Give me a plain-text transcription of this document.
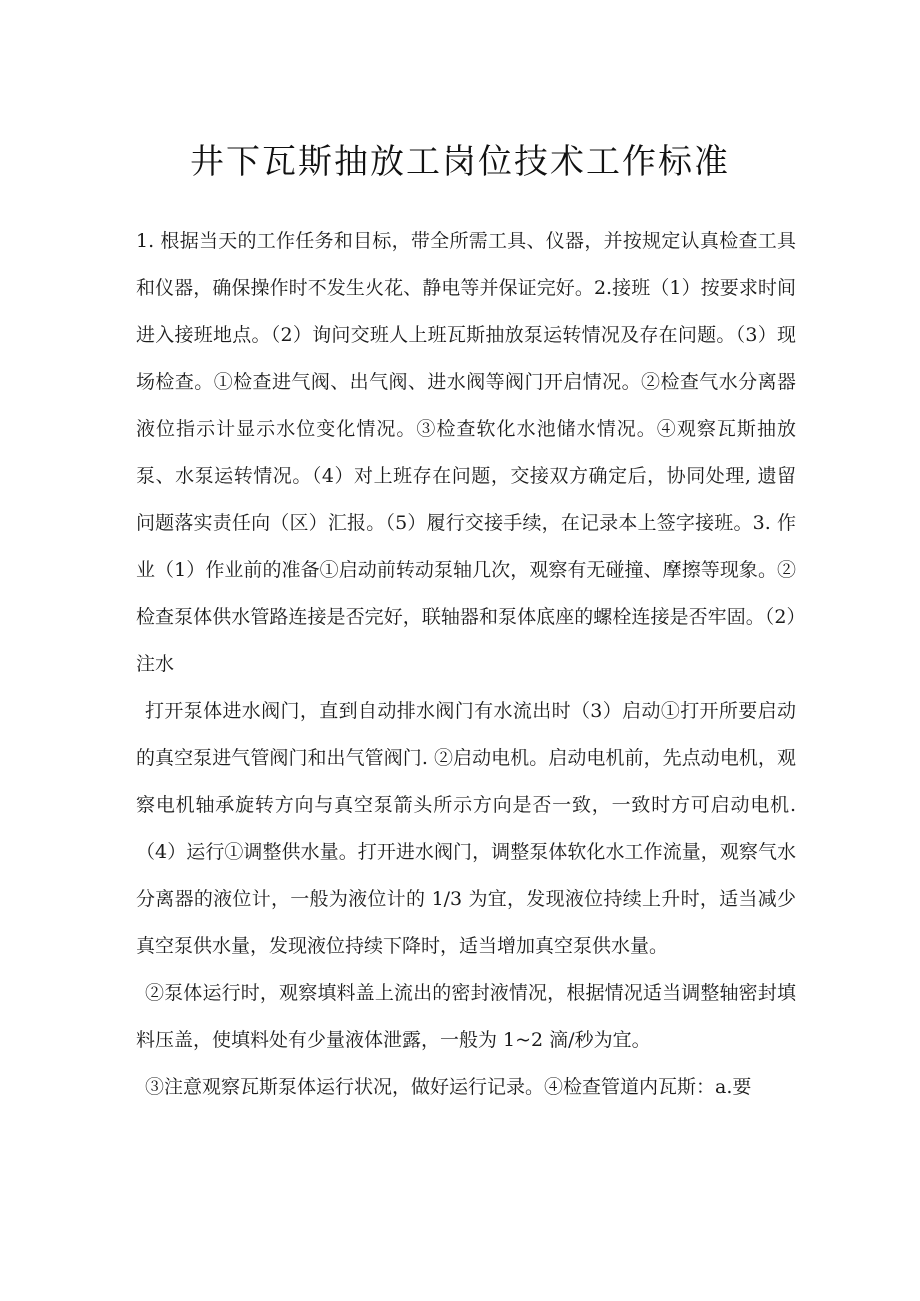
井下瓦斯抽放工岗位技术工作标准

1. 根据当天的工作任务和目标，带全所需工具、仪器，并按规定认真检查工具和仪器，确保操作时不发生火花、静电等并保证完好。2.接班（1）按要求时间进入接班地点。（2）询问交班人上班瓦斯抽放泵运转情况及存在问题。（3）现场检查。①检查进气阀、出气阀、进水阀等阀门开启情况。②检查气水分离器液位指示计显示水位变化情况。③检查软化水池储水情况。④观察瓦斯抽放泵、水泵运转情况。（4）对上班存在问题，交接双方确定后，协同处理, 遗留问题落实责任向（区）汇报。（5）履行交接手续，在记录本上签字接班。3. 作业（1）作业前的准备①启动前转动泵轴几次，观察有无碰撞、摩擦等现象。②检查泵体供水管路连接是否完好，联轴器和泵体底座的螺栓连接是否牢固。（2）注水

打开泵体进水阀门，直到自动排水阀门有水流出时（3）启动①打开所要启动的真空泵进气管阀门和出气管阀门. ②启动电机。启动电机前，先点动电机，观察电机轴承旋转方向与真空泵箭头所示方向是否一致，一致时方可启动电机.（4）运行①调整供水量。打开进水阀门，调整泵体软化水工作流量，观察气水分离器的液位计，一般为液位计的 1/3 为宜，发现液位持续上升时，适当减少真空泵供水量，发现液位持续下降时，适当增加真空泵供水量。

②泵体运行时，观察填料盖上流出的密封液情况，根据情况适当调整轴密封填料压盖，使填料处有少量液体泄露，一般为 1~2 滴/秒为宜。

③注意观察瓦斯泵体运行状况，做好运行记录。④检查管道内瓦斯：a.要
